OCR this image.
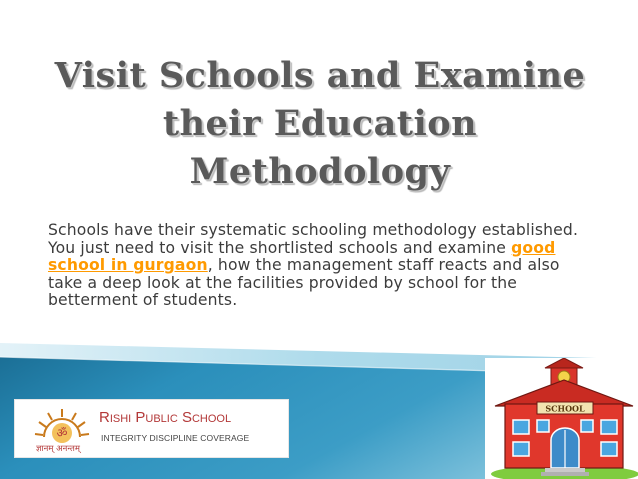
Visit Schools and Examine
their Education
Methodology

Schools have their systematic schooling methodology established. You just need to visit the shortlisted schools and examine good school in gurgaon, how the management staff reacts and also take a deep look at the facilities provided by school for the betterment of students.

ॐ
ज्ञानम् अनन्तम्
Rishi Public School
INTEGRITY DISCIPLINE COVERAGE
SCHOOL
